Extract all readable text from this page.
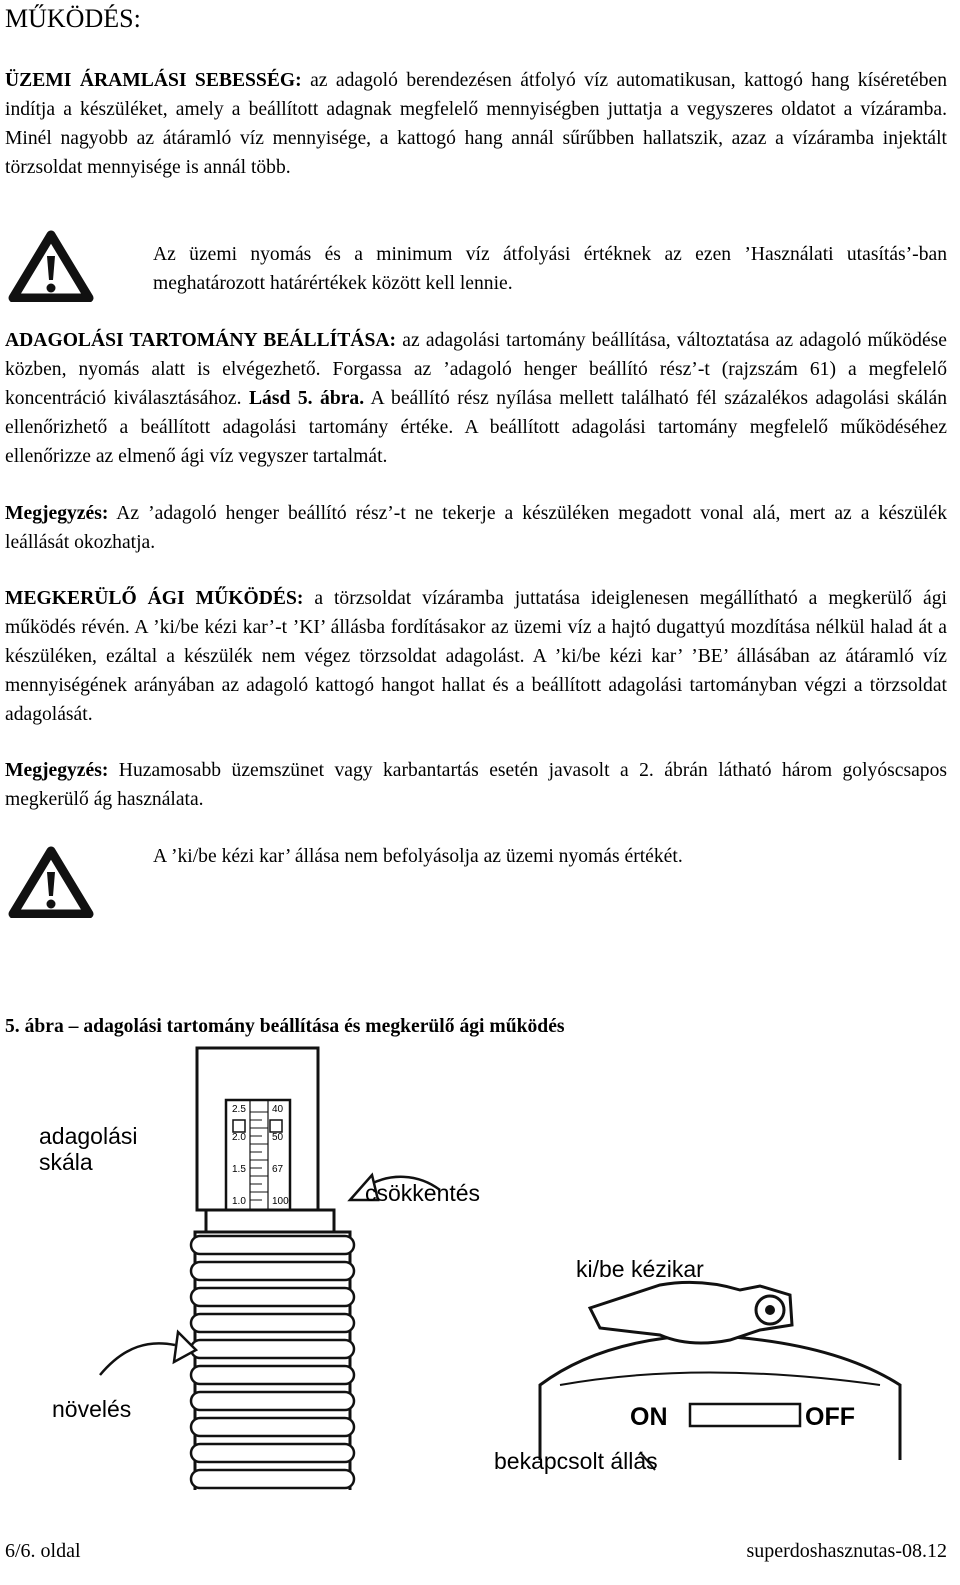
MŰKÖDÉS:
ÜZEMI ÁRAMLÁSI SEBESSÉG: az adagoló berendezésen átfolyó víz automatikusan, kattogó hang kíséretében indítja a készüléket, amely a beállított adagnak megfelelő mennyiségben juttatja a vegyszeres oldatot a vízáramba. Minél nagyobb az átáramló víz mennyisége, a kattogó hang annál sűrűbben hallatszik, azaz a vízáramba injektált törzsoldat mennyisége is annál több.
Az üzemi nyomás és a minimum víz átfolyási értéknek az ezen ’Használati utasítás’-ban meghatározott határértékek között kell lennie.
ADAGOLÁSI TARTOMÁNY BEÁLLÍTÁSA: az adagolási tartomány beállítása, változtatása az adagoló működése közben, nyomás alatt is elvégezhető. Forgassa az ’adagoló henger beállító rész’-t (rajzszám 61) a megfelelő koncentráció kiválasztásához. Lásd 5. ábra. A beállító rész nyílása mellett található fél százalékos adagolási skálán ellenőrizhető a beállított adagolási tartomány értéke. A beállított adagolási tartomány megfelelő működéséhez ellenőrizze az elmenő ági víz vegyszer tartalmát.
Megjegyzés: Az ’adagoló henger beállító rész’-t ne tekerje a készüléken megadott vonal alá, mert az a készülék leállását okozhatja.
MEGKERÜLŐ ÁGI MŰKÖDÉS: a törzsoldat vízáramba juttatása ideiglenesen megállítható a megkerülő ági működés révén. A ’ki/be kézi kar’-t ’KI’ állásba fordításakor az üzemi víz a hajtó dugattyú mozdítása nélkül halad át a készüléken, ezáltal a készülék nem végez törzsoldat adagolást. A ’ki/be kézi kar’ ’BE’ állásában az átáramló víz mennyiségének arányában az adagoló kattogó hangot hallat és a beállított adagolási tartományban végzi a törzsoldat adagolását.
Megjegyzés: Huzamosabb üzemszünet vagy karbantartás esetén javasolt a 2. ábrán látható három golyóscsapos megkerülő ág használata.
A ’ki/be kézi kar’ állása nem befolyásolja az üzemi nyomás értékét.
5. ábra – adagolási tartomány beállítása és megkerülő ági működés
adagolási
skála
csökkentés
ki/be kézikar
növelés
bekapcsolt állás
2.5	40
2.0	50
1.5	67
1.0	100
ON	OFF
6/6. oldal	superdoshasznutas-08.12
